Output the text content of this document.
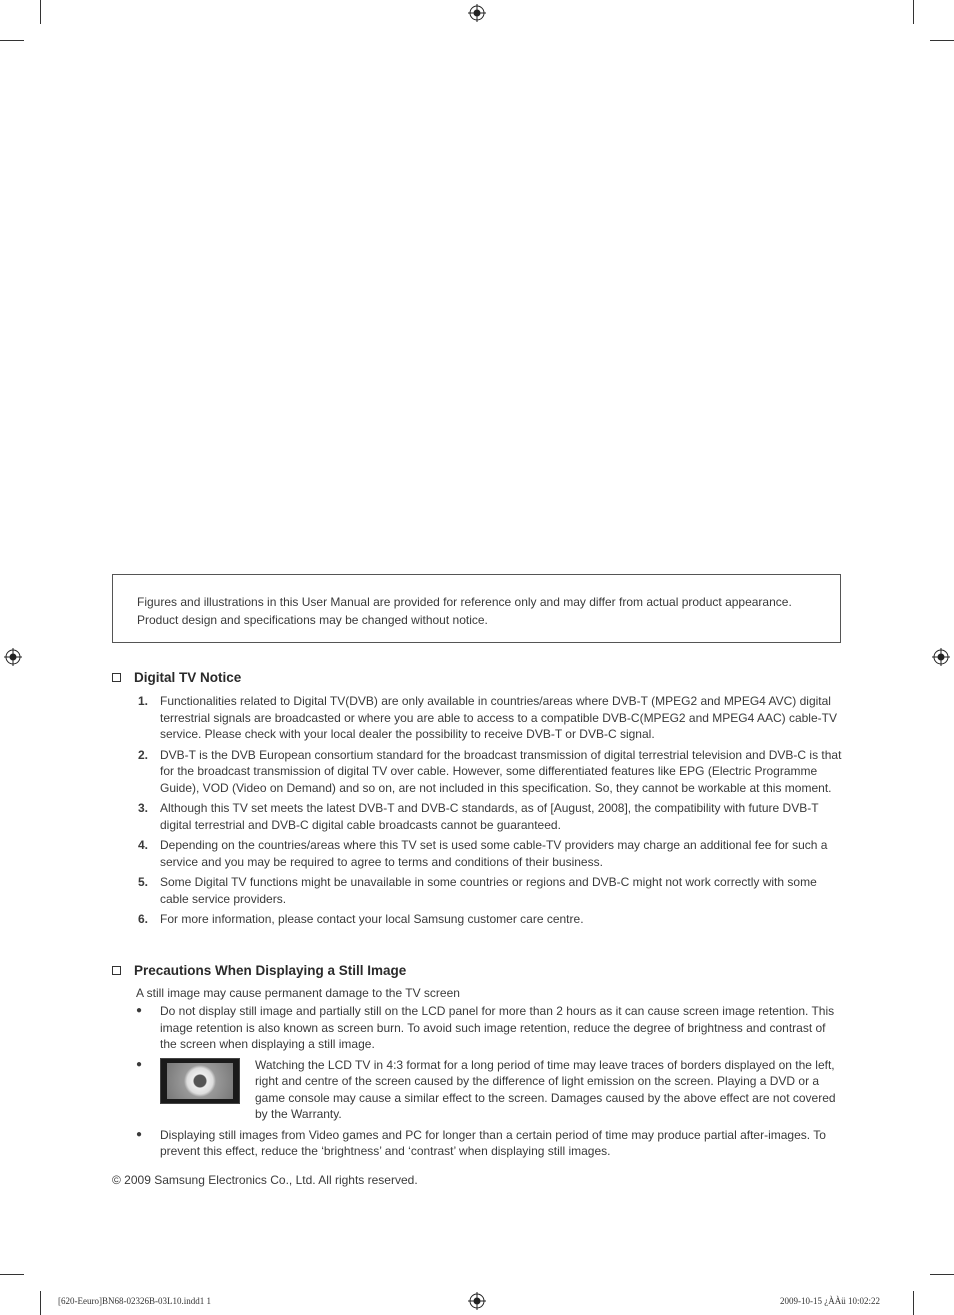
Figures and illustrations in this User Manual are provided for reference only and may differ from actual product appearance.

Product design and specifications may be changed without notice.

Digital TV Notice
1. Functionalities related to Digital TV(DVB) are only available in countries/areas where DVB-T (MPEG2 and MPEG4 AVC) digital terrestrial signals are broadcasted or where you are able to access to a compatible DVB-C(MPEG2 and MPEG4 AAC) cable-TV service. Please check with your local dealer the possibility to receive DVB-T or DVB-C signal.
2. DVB-T is the DVB European consortium standard for the broadcast transmission of digital terrestrial television and DVB-C is that for the broadcast transmission of digital TV over cable. However, some differentiated features like EPG (Electric Programme Guide), VOD (Video on Demand) and so on, are not included in this specification. So, they cannot be workable at this moment.
3. Although this TV set meets the latest DVB-T and DVB-C standards, as of [August, 2008], the compatibility with future DVB-T digital terrestrial and DVB-C digital cable broadcasts cannot be guaranteed.
4. Depending on the countries/areas where this TV set is used some cable-TV providers may charge an additional fee for such a service and you may be required to agree to terms and conditions of their business.
5. Some Digital TV functions might be unavailable in some countries or regions and DVB-C might not work correctly with some cable service providers.
6. For more information, please contact your local Samsung customer care centre.
Precautions When Displaying a Still Image
A still image may cause permanent damage to the TV screen
● Do not display still image and partially still on the LCD panel for more than 2 hours as it can cause screen image retention. This image retention is also known as screen burn. To avoid such image retention, reduce the degree of brightness and contrast of the screen when displaying a still image.
●	Watching the LCD TV in 4:3 format for a long period of time may leave traces of borders displayed on the left, right and centre of the screen caused by the difference of light emission on the screen. Playing a DVD or a game console may cause a similar effect to the screen. Damages caused by the above effect are not covered by the Warranty.
● Displaying still images from Video games and PC for longer than a certain period of time may produce partial after-images. To prevent this effect, reduce the ‘brightness’ and ‘contrast’ when displaying still images.
© 2009 Samsung Electronics Co., Ltd. All rights reserved.
[620-Eeuro]BN68-02326B-03L10.indd1 1	2009-10-15 ¿ÀÀü 10:02:22
